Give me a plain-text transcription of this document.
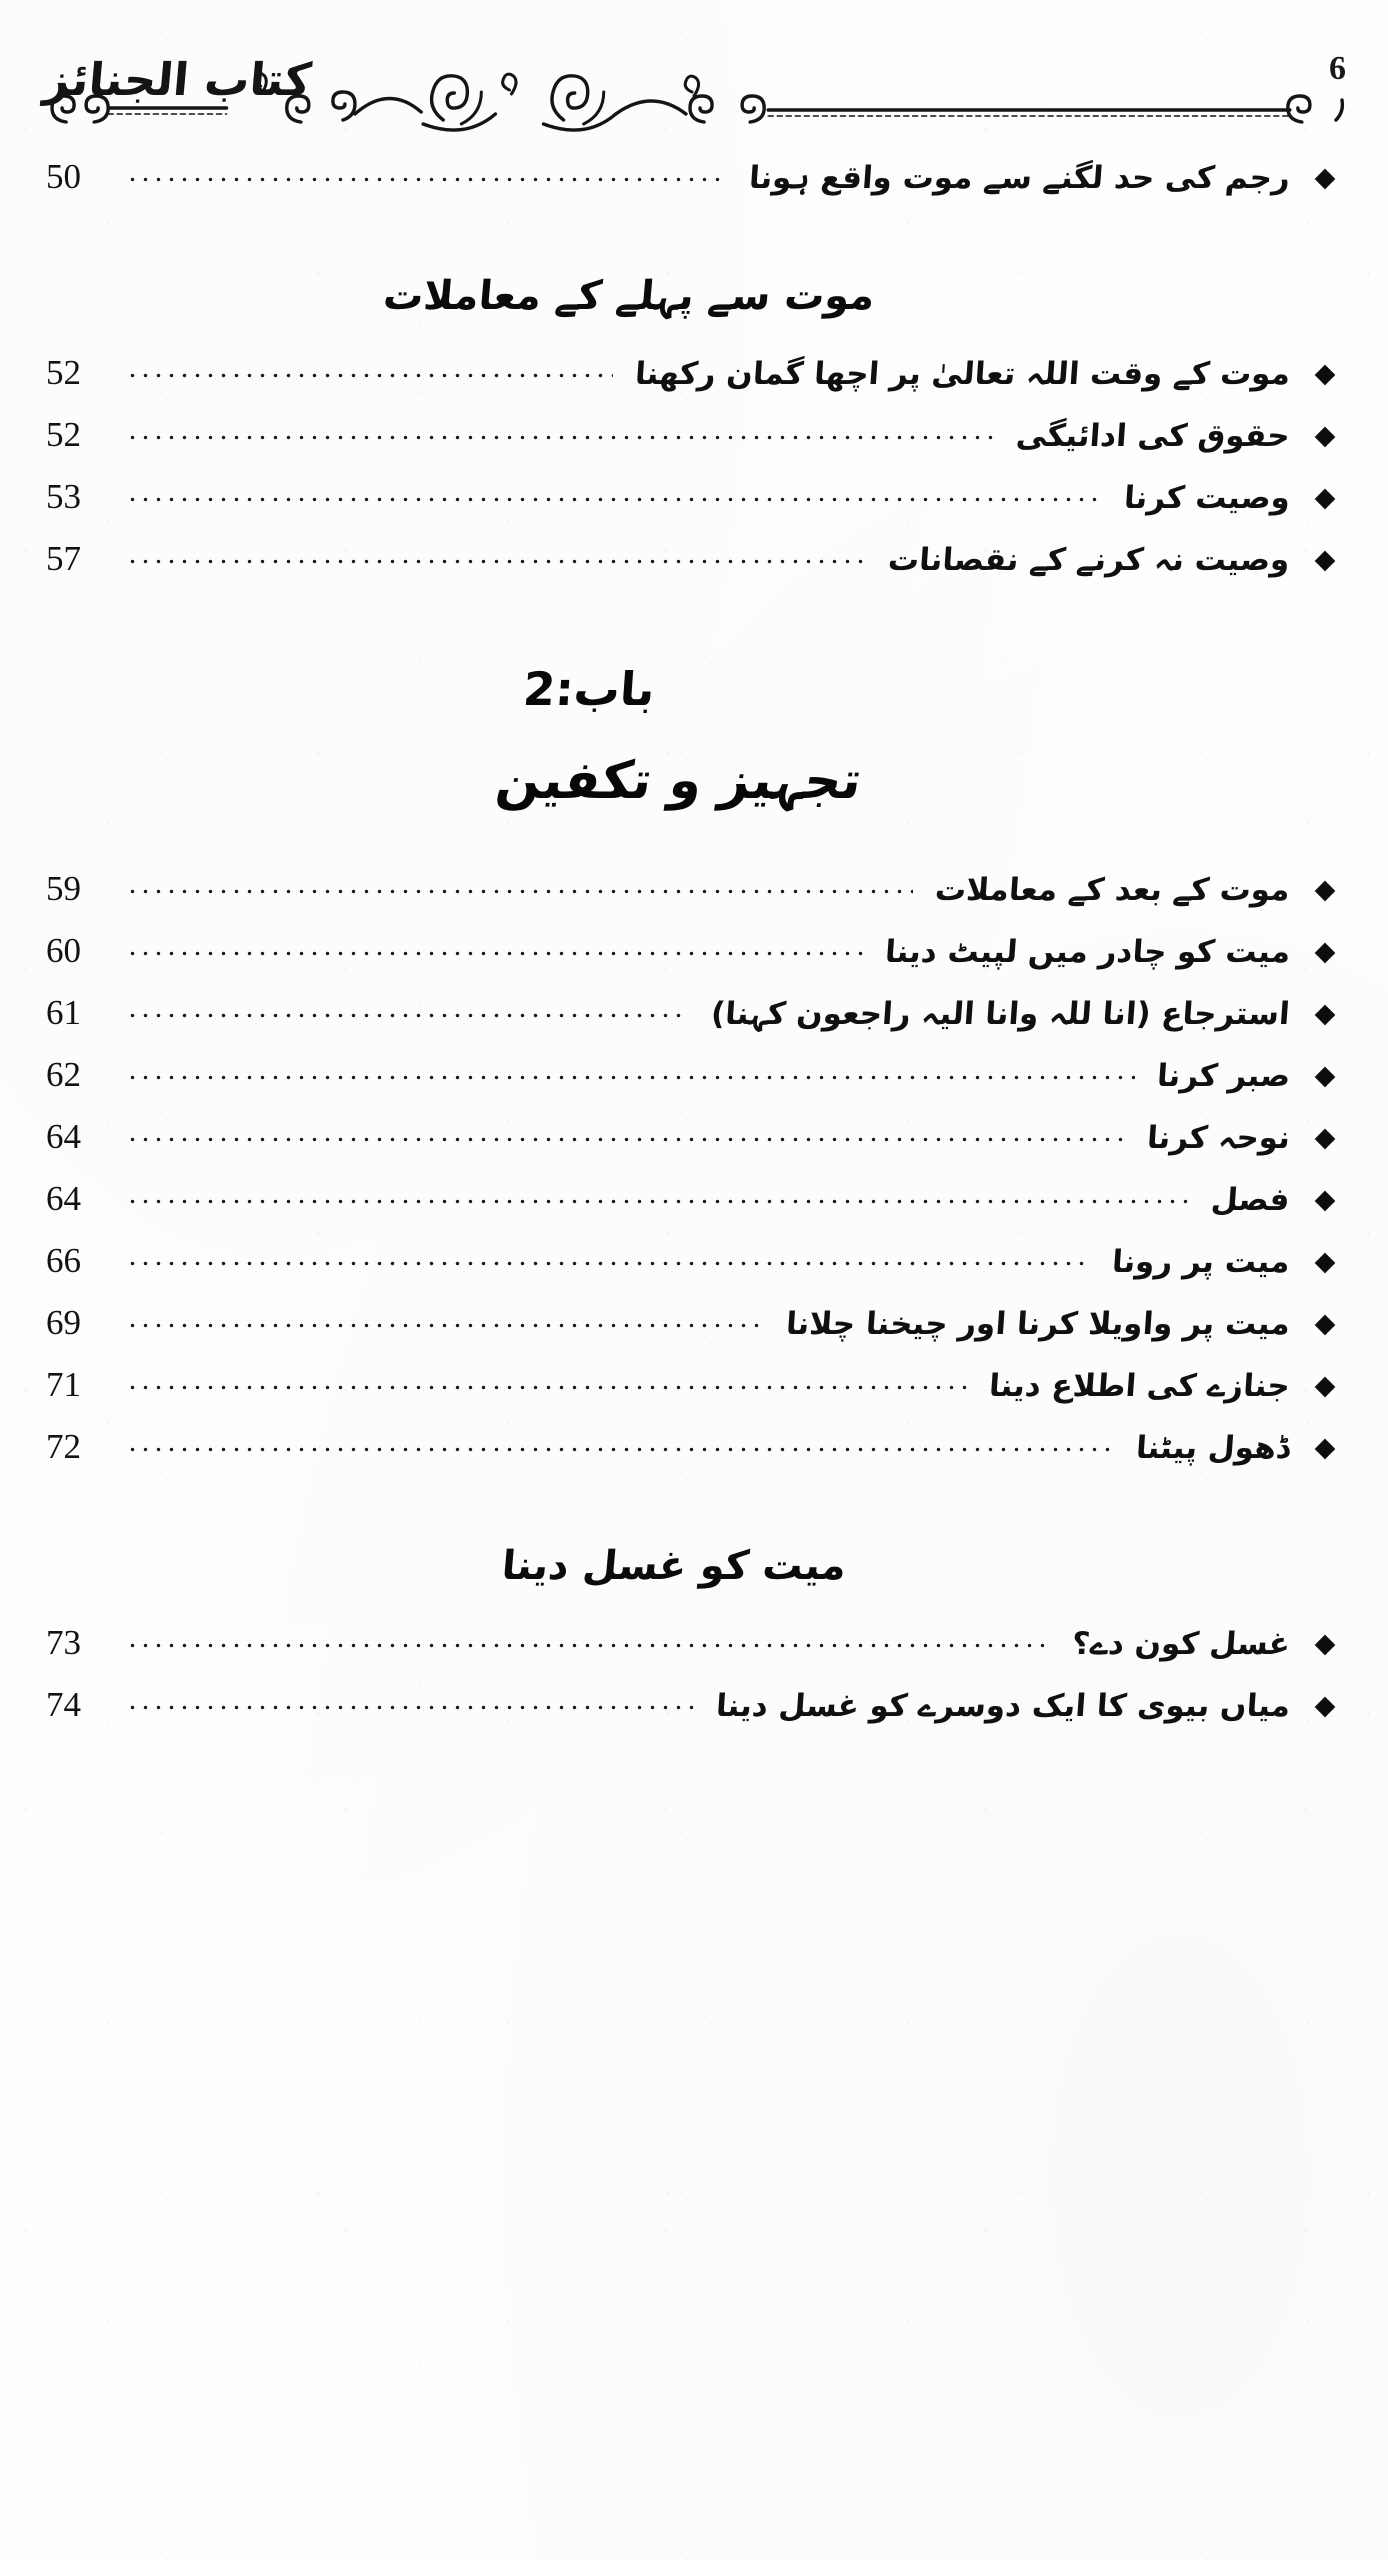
کتاب الجنائز	6
◆
رجم کی حد لگنے سے موت واقع ہونا
50
موت سے پہلے کے معاملات
◆
موت کے وقت اللہ تعالیٰ پر اچھا گمان رکھنا
52
◆
حقوق کی ادائیگی
52
◆
وصیت کرنا
53
◆
وصیت نہ کرنے کے نقصانات
57
باب:2
تجہیز و تکفین
◆
موت کے بعد کے معاملات
59
◆
میت کو چادر میں لپیٹ دینا
60
◆
استرجاع (انا للہ وانا الیہ راجعون کہنا)
61
◆
صبر کرنا
62
◆
نوحہ کرنا
64
◆
فصل
64
◆
میت پر رونا
66
◆
میت پر واویلا کرنا اور چیخنا چلانا
69
◆
جنازے کی اطلاع دینا
71
◆
ڈھول پیٹنا
72
میت کو غسل دینا
◆
غسل کون دے؟
73
◆
میاں بیوی کا ایک دوسرے کو غسل دینا
74
